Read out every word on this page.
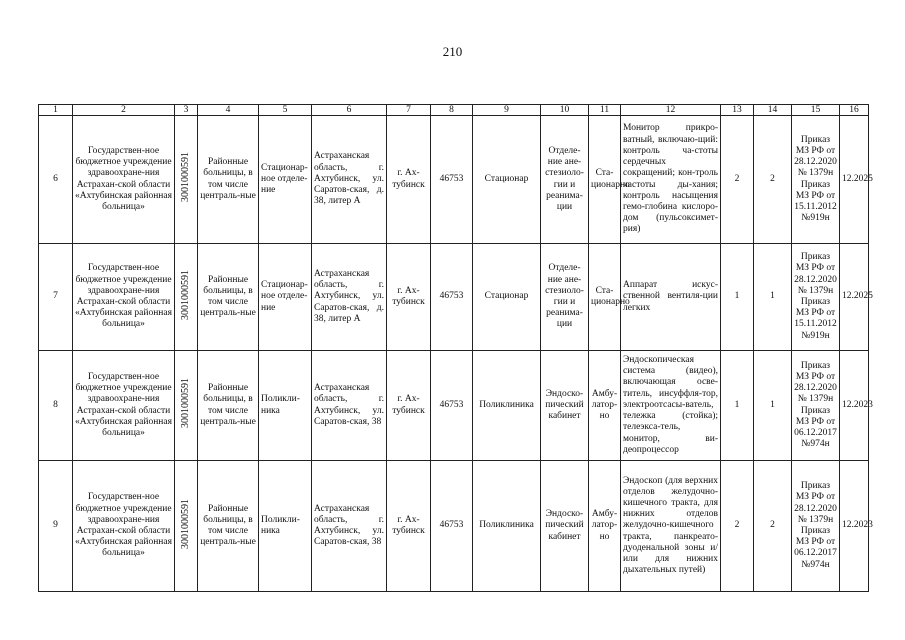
210
1	2	3	4	5	6	7	8	9	10	11	12	13	14	15	16
6	Государствен-ное бюджетное учреждение здравоохране-ния Астрахан-ской области «Ахтубинская районная больница»	3001000591	Районные больницы, в том числе централь-ные	Стационар-ное отделе-ние	Астраханская область, г. Ахтубинск, ул. Саратов-ская, д. 38, литер А	г. Ах-тубинск	46753	Стационар	Отделе-ние ане-стезиоло-гии и реанима-ции	Ста-ционарно	Монитор прикро-ватный, включаю-щий: контроль ча-стоты сердечных сокращений; кон-троль частоты ды-хания; контроль насыщения гемо-глобина кислоро-дом (пульсоксимет-рия)	2	2	Приказ МЗ РФ от 28.12.2020 № 1379н Приказ МЗ РФ от 15.11.2012 №919н	12.2025
7	Государствен-ное бюджетное учреждение здравоохране-ния Астрахан-ской области «Ахтубинская районная больница»	3001000591	Районные больницы, в том числе централь-ные	Стационар-ное отделе-ние	Астраханская область, г. Ахтубинск, ул. Саратов-ская, д. 38, литер А	г. Ах-тубинск	46753	Стационар	Отделе-ние ане-стезиоло-гии и реанима-ции	Ста-ционарно	Аппарат искус-ственной вентиля-ции легких	1	1	Приказ МЗ РФ от 28.12.2020 № 1379н Приказ МЗ РФ от 15.11.2012 №919н	12.2025
8	Государствен-ное бюджетное учреждение здравоохране-ния Астрахан-ской области «Ахтубинская районная больница»	3001000591	Районные больницы, в том числе централь-ные	Поликли-ника	Астраханская область, г. Ахтубинск, ул. Саратов-ская, 38	г. Ах-тубинск	46753	Поликлиника	Эндоско-пический кабинет	Амбу-латор-но	Эндоскопическая система (видео), включающая осве-титель, инсуффля-тор, электроотсасы-ватель, тележка (стойка); телеэкса-тель, монитор, ви-деопроцессор	1	1	Приказ МЗ РФ от 28.12.2020 № 1379н Приказ МЗ РФ от 06.12.2017 №974н	12.2023
9	Государствен-ное бюджетное учреждение здравоохране-ния Астрахан-ской области «Ахтубинская районная больница»	3001000591	Районные больницы, в том числе централь-ные	Поликли-ника	Астраханская область, г. Ахтубинск, ул. Саратов-ская, 38	г. Ах-тубинск	46753	Поликлиника	Эндоско-пический кабинет	Амбу-латор-но	Эндоскоп (для верхних отделов желудочно-кишечного тракта, для нижних отделов желудочно-кишечного тракта, панкреато-дуоденальной зоны и/или для нижних дыхательных путей)	2	2	Приказ МЗ РФ от 28.12.2020 № 1379н Приказ МЗ РФ от 06.12.2017 №974н	12.2023
